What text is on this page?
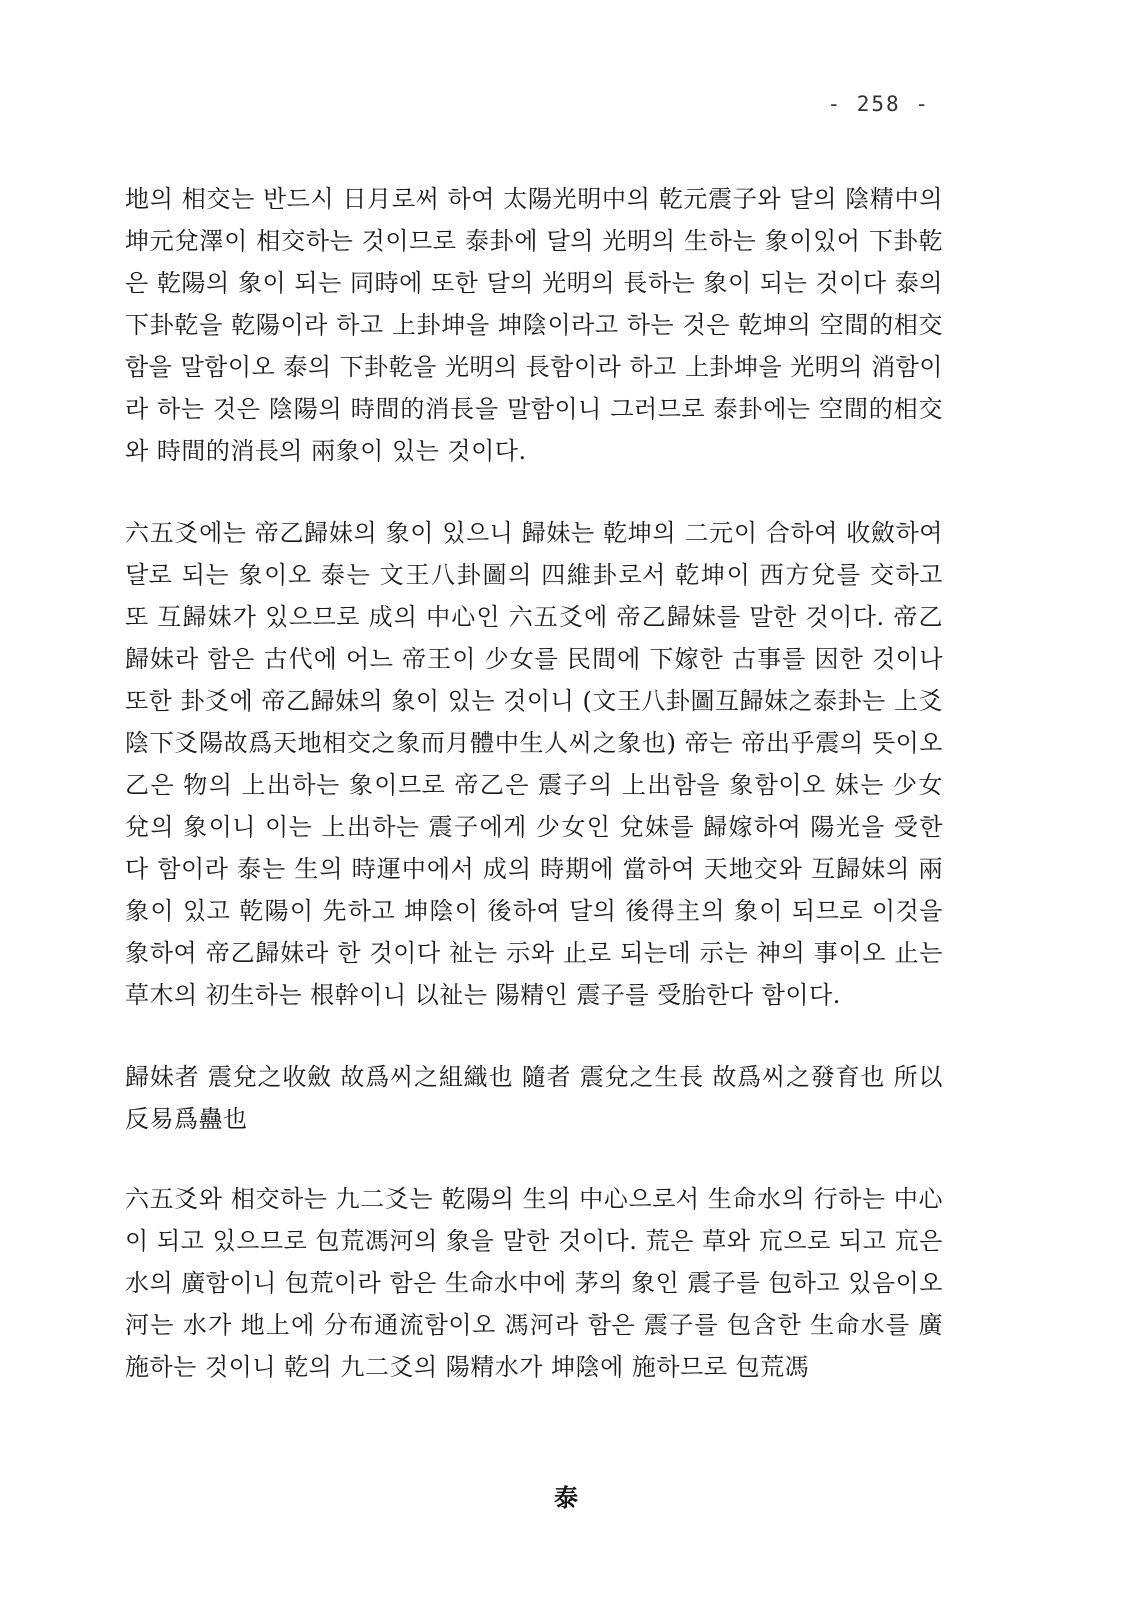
- 258 -

地의 相交는 반드시 日月로써 하여 太陽光明中의 乾元震子와 달의 陰精中의 坤元兌澤이 相交하는 것이므로 泰卦에 달의 光明의 生하는 象이있어 下卦乾은 乾陽의 象이 되는 同時에 또한 달의 光明의 長하는 象이 되는 것이다 泰의 下卦乾을 乾陽이라 하고 上卦坤을 坤陰이라고 하는 것은 乾坤의 空間的相交함을 말함이오 泰의 下卦乾을 光明의 長함이라 하고 上卦坤을 光明의 消함이라 하는 것은 陰陽의 時間的消長을 말함이니 그러므로 泰卦에는 空間的相交와 時間的消長의 兩象이 있는 것이다.

六五爻에는 帝乙歸妹의 象이 있으니 歸妹는 乾坤의 二元이 合하여 收斂하여 달로 되는 象이오 泰는 文王八卦圖의 四維卦로서 乾坤이 西方兌를 交하고 또 互歸妹가 있으므로 成의 中心인 六五爻에 帝乙歸妹를 말한 것이다. 帝乙歸妹라 함은 古代에 어느 帝王이 少女를 民間에 下嫁한 古事를 因한 것이나 또한 卦爻에 帝乙歸妹의 象이 있는 것이니 (文王八卦圖互歸妹之泰卦는 上爻陰下爻陽故爲天地相交之象而月體中生人씨之象也) 帝는 帝出乎震의 뜻이오 乙은 物의 上出하는 象이므로 帝乙은 震子의 上出함을 象함이오 妹는 少女兌의 象이니 이는 上出하는 震子에게 少女인 兌妹를 歸嫁하여 陽光을 受한다 함이라 泰는 生의 時運中에서 成의 時期에 當하여 天地交와 互歸妹의 兩象이 있고 乾陽이 先하고 坤陰이 後하여 달의 後得主의 象이 되므로 이것을 象하여 帝乙歸妹라 한 것이다 祉는 示와 止로 되는데 示는 神의 事이오 止는 草木의 初生하는 根幹이니 以祉는 陽精인 震子를 受胎한다 함이다.

歸妹者 震兌之收斂 故爲씨之組織也 隨者 震兌之生長 故爲씨之發育也 所以反易爲蠱也

六五爻와 相交하는 九二爻는 乾陽의 生의 中心으로서 生命水의 行하는 中心이 되고 있으므로 包荒馮河의 象을 말한 것이다. 荒은 草와 巟으로 되고 巟은 水의 廣함이니 包荒이라 함은 生命水中에 茅의 象인 震子를 包하고 있음이오 河는 水가 地上에 分布通流함이오 馮河라 함은 震子를 包含한 生命水를 廣施하는 것이니 乾의 九二爻의 陽精水가 坤陰에 施하므로 包荒馮

泰
